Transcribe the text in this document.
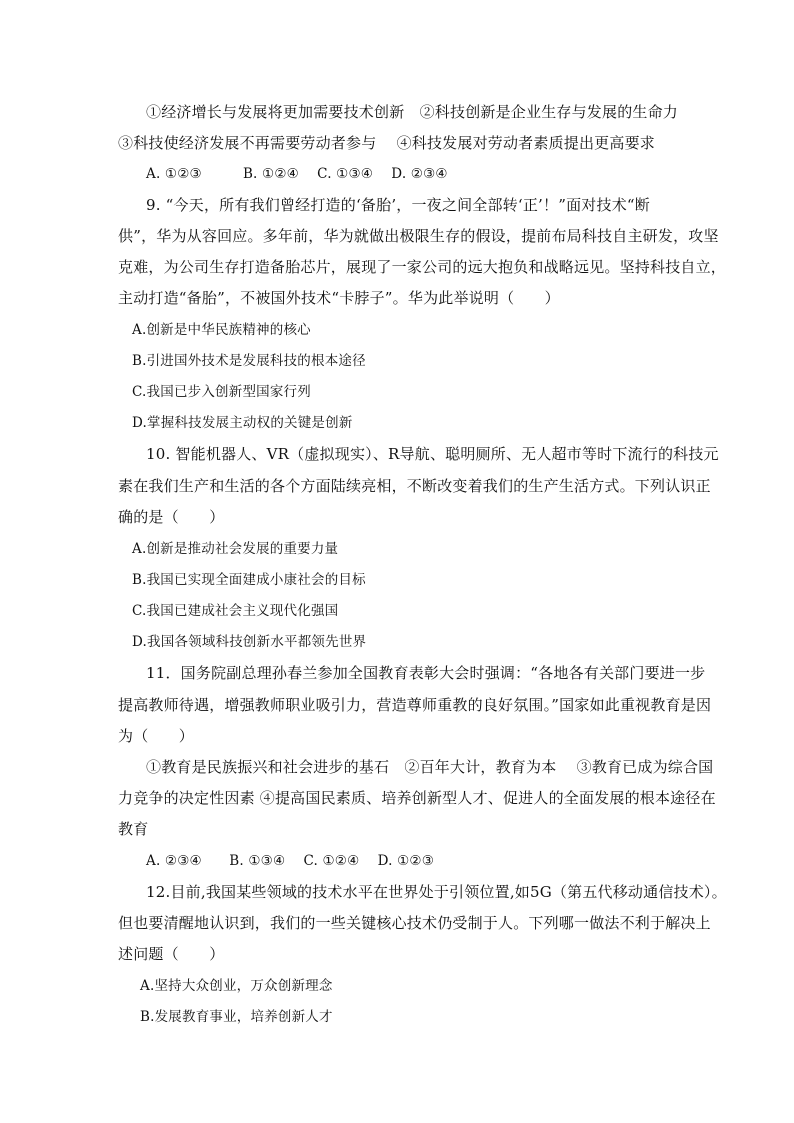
①经济增长与发展将更加需要技术创新　②科技创新是企业生存与发展的生命力
③科技使经济发展不再需要劳动者参与　 ④科技发展对劳动者素质提出更高要求
A. ①②③　　　B. ①②④　 C. ①③④　 D. ②③④
9. “今天，所有我们曾经打造的‘备胎’，一夜之间全部转‘正’！”面对技术“断
供”，华为从容回应。多年前，华为就做出极限生存的假设，提前布局科技自主研发，攻坚
克难，为公司生存打造备胎芯片，展现了一家公司的远大抱负和战略远见。坚持科技自立，
主动打造“备胎”，不被国外技术“卡脖子”。华为此举说明（　　）
A.创新是中华民族精神的核心
B.引进国外技术是发展科技的根本途径
C.我国已步入创新型国家行列
D.掌握科技发展主动权的关键是创新
10. 智能机器人、VR（虚拟现实）、R导航、聪明厕所、无人超市等时下流行的科技元
素在我们生产和生活的各个方面陆续亮相，不断改变着我们的生产生活方式。下列认识正
确的是（　　）
A.创新是推动社会发展的重要力量
B.我国已实现全面建成小康社会的目标
C.我国已建成社会主义现代化强国
D.我国各领域科技创新水平都领先世界
11．国务院副总理孙春兰参加全国教育表彰大会时强调：“各地各有关部门要进一步
提高教师待遇，增强教师职业吸引力，营造尊师重教的良好氛围。”国家如此重视教育是因
为（　　）
①教育是民族振兴和社会进步的基石　②百年大计，教育为本　 ③教育已成为综合国
力竞争的决定性因素 ④提高国民素质、培养创新型人才、促进人的全面发展的根本途径在
教育
A. ②③④　　B. ①③④　 C. ①②④　 D. ①②③
12.目前,我国某些领域的技术水平在世界处于引领位置,如5G（第五代移动通信技术）。
但也要清醒地认识到，我们的一些关键核心技术仍受制于人。下列哪一做法不利于解决上
述问题（　　）
A.坚持大众创业，万众创新理念
B.发展教育事业，培养创新人才
